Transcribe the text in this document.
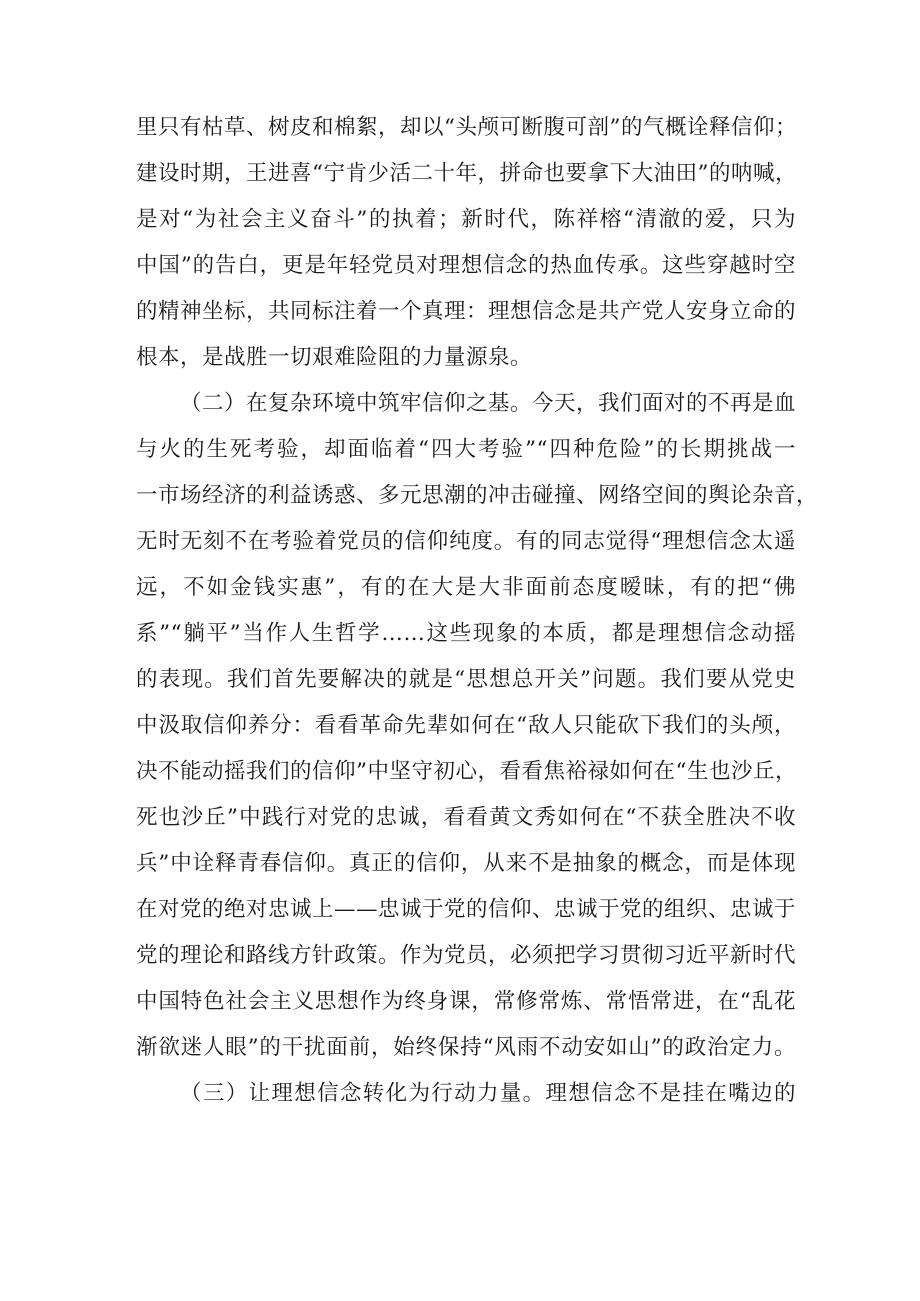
里只有枯草、树皮和棉絮，却以“头颅可断腹可剖”的气概诠释信仰；
建设时期，王进喜“宁肯少活二十年，拼命也要拿下大油田”的呐喊，
是对“为社会主义奋斗”的执着；新时代，陈祥榕“清澈的爱，只为
中国”的告白，更是年轻党员对理想信念的热血传承。这些穿越时空
的精神坐标，共同标注着一个真理：理想信念是共产党人安身立命的
根本，是战胜一切艰难险阻的力量源泉。
（二）在复杂环境中筑牢信仰之基。今天，我们面对的不再是血
与火的生死考验，却面临着“四大考验”“四种危险”的长期挑战一
一市场经济的利益诱惑、多元思潮的冲击碰撞、网络空间的舆论杂音，
无时无刻不在考验着党员的信仰纯度。有的同志觉得“理想信念太遥
远，不如金钱实惠”，有的在大是大非面前态度暧昧，有的把“佛
系”“躺平”当作人生哲学……这些现象的本质，都是理想信念动摇
的表现。我们首先要解决的就是“思想总开关”问题。我们要从党史
中汲取信仰养分：看看革命先辈如何在“敌人只能砍下我们的头颅，
决不能动摇我们的信仰”中坚守初心，看看焦裕禄如何在“生也沙丘，
死也沙丘”中践行对党的忠诚，看看黄文秀如何在“不获全胜决不收
兵”中诠释青春信仰。真正的信仰，从来不是抽象的概念，而是体现
在对党的绝对忠诚上——忠诚于党的信仰、忠诚于党的组织、忠诚于
党的理论和路线方针政策。作为党员，必须把学习贯彻习近平新时代
中国特色社会主义思想作为终身课，常修常炼、常悟常进，在“乱花
渐欲迷人眼”的干扰面前，始终保持“风雨不动安如山”的政治定力。
（三）让理想信念转化为行动力量。理想信念不是挂在嘴边的
